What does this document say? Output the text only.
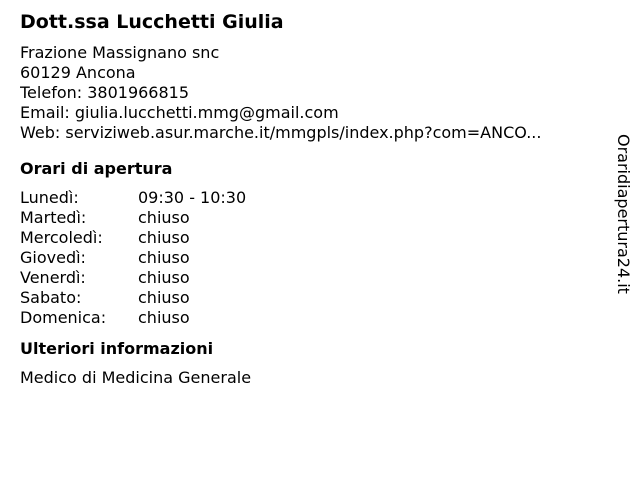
Dott.ssa Lucchetti Giulia
Frazione Massignano snc
60129 Ancona
Telefon: 3801966815
Email: giulia.lucchetti.mmg@gmail.com
Web: serviziweb.asur.marche.it/mmgpls/index.php?com=ANCO...
Orari di apertura
Lunedì:	09:30 - 10:30
Martedì:	chiuso
Mercoledì:	chiuso
Giovedì:	chiuso
Venerdì:	chiuso
Sabato:	chiuso
Domenica:	chiuso
Ulteriori informazioni
Medico di Medicina Generale
Oraridiapertura24.it
